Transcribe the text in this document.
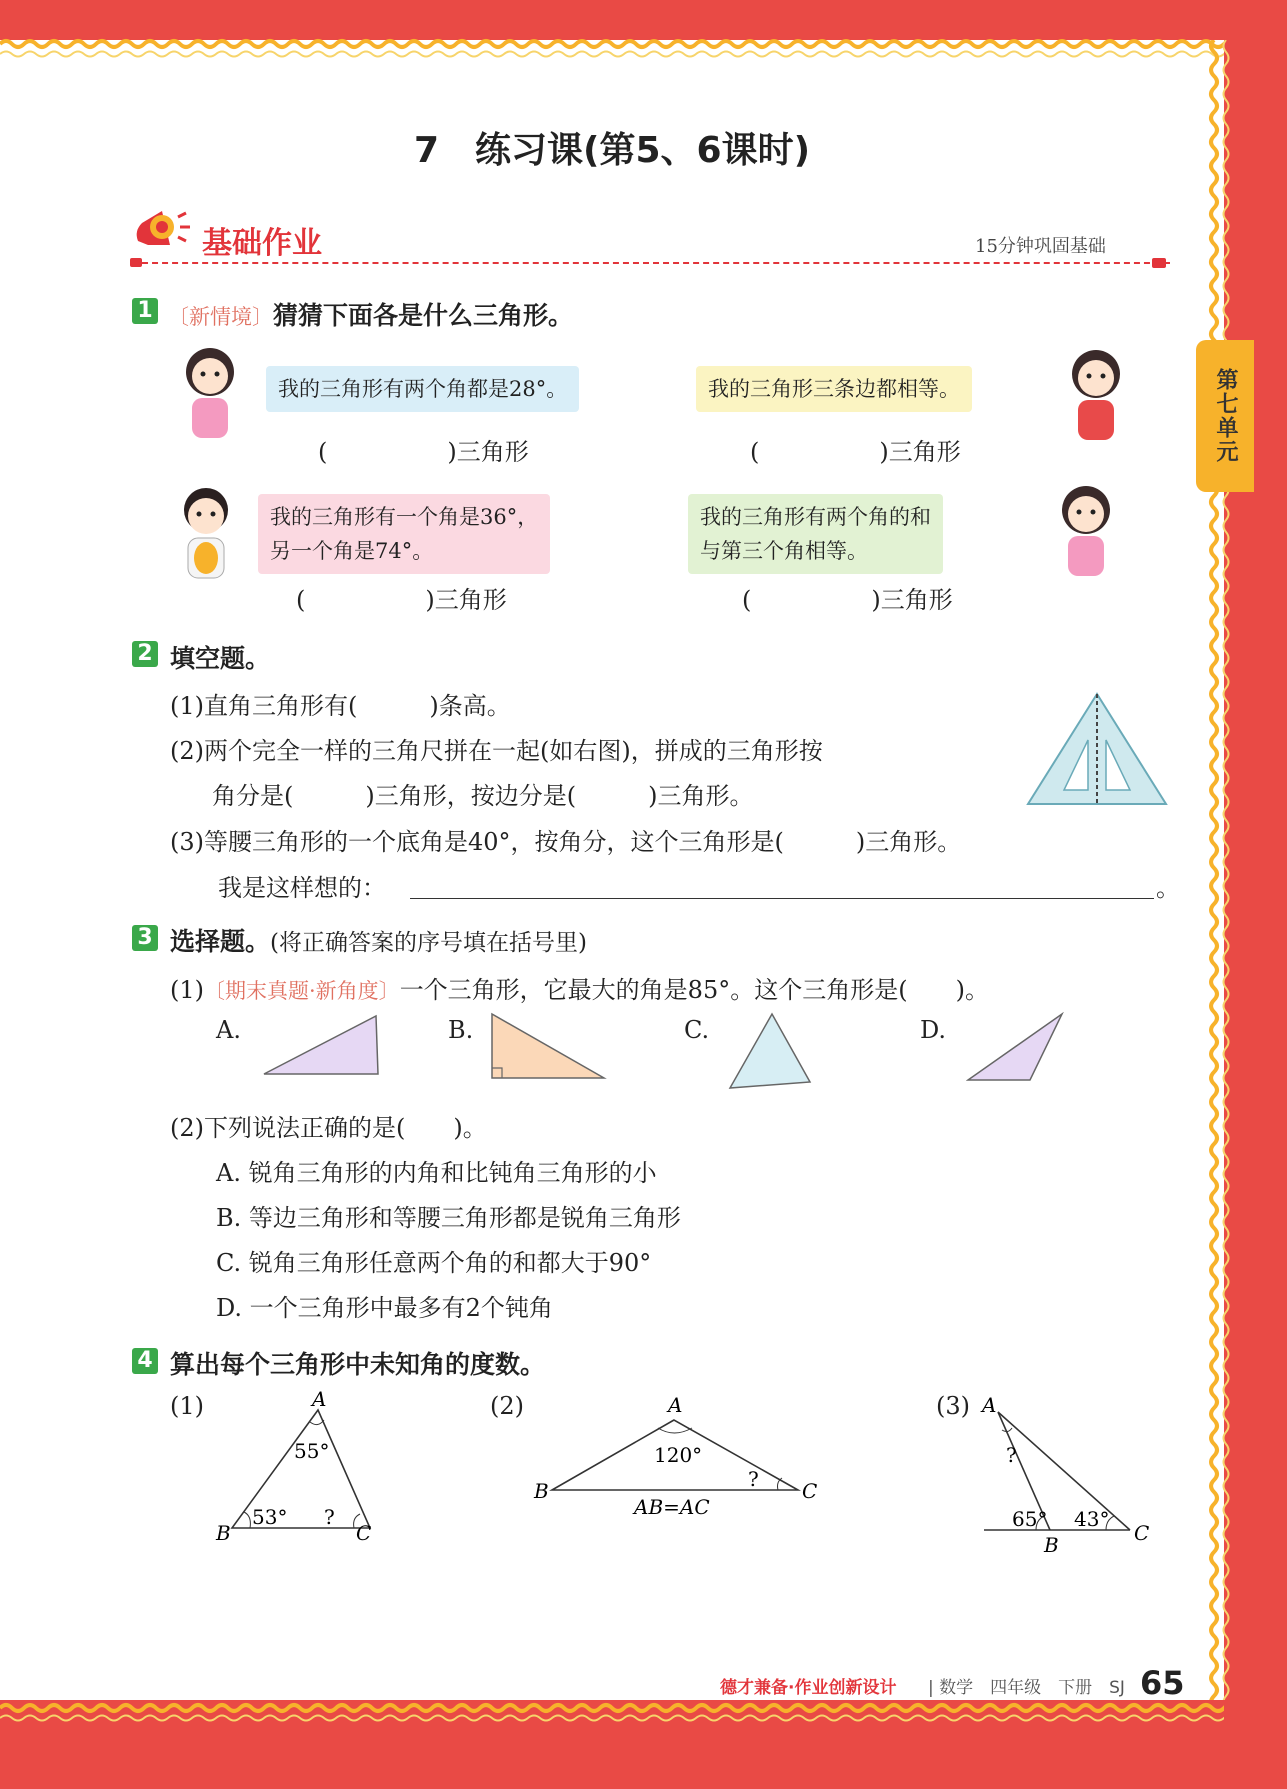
7　练习课(第5、6课时)
基础作业	15分钟巩固基础
第七单元
1 〔新情境〕猜猜下面各是什么三角形。
我的三角形有两个角都是28°。	我的三角形三条边都相等。
我的三角形有一个角是36°，
另一个角是74°。
我的三角形有两个角的和
与第三个角相等。
(　　　　　)三角形	(　　　　　)三角形
(　　　　　)三角形	(　　　　　)三角形
2 填空题。
(1)直角三角形有(　　　)条高。
(2)两个完全一样的三角尺拼在一起(如右图)，拼成的三角形按
角分是(　　　)三角形，按边分是(　　　)三角形。
(3)等腰三角形的一个底角是40°，按角分，这个三角形是(　　　)三角形。
我是这样想的：	。
3 选择题。(将正确答案的序号填在括号里)
(1)〔期末真题·新角度〕一个三角形，它最大的角是85°。这个三角形是(　　)。
A.	B.	C.	D.
(2)下列说法正确的是(　　)。
A. 锐角三角形的内角和比钝角三角形的小
B. 等边三角形和等腰三角形都是锐角三角形
C. 锐角三角形任意两个角的和都大于90°
D. 一个三角形中最多有2个钝角
4 算出每个三角形中未知角的度数。
(1)	A
B	C
55°
53° ?
(2)	A
B	C
120°
?
AB=AC
(3) A
B	C
?
65° 43°
德才兼备·作业创新设计 | 数学　四年级　下册　SJ 65
